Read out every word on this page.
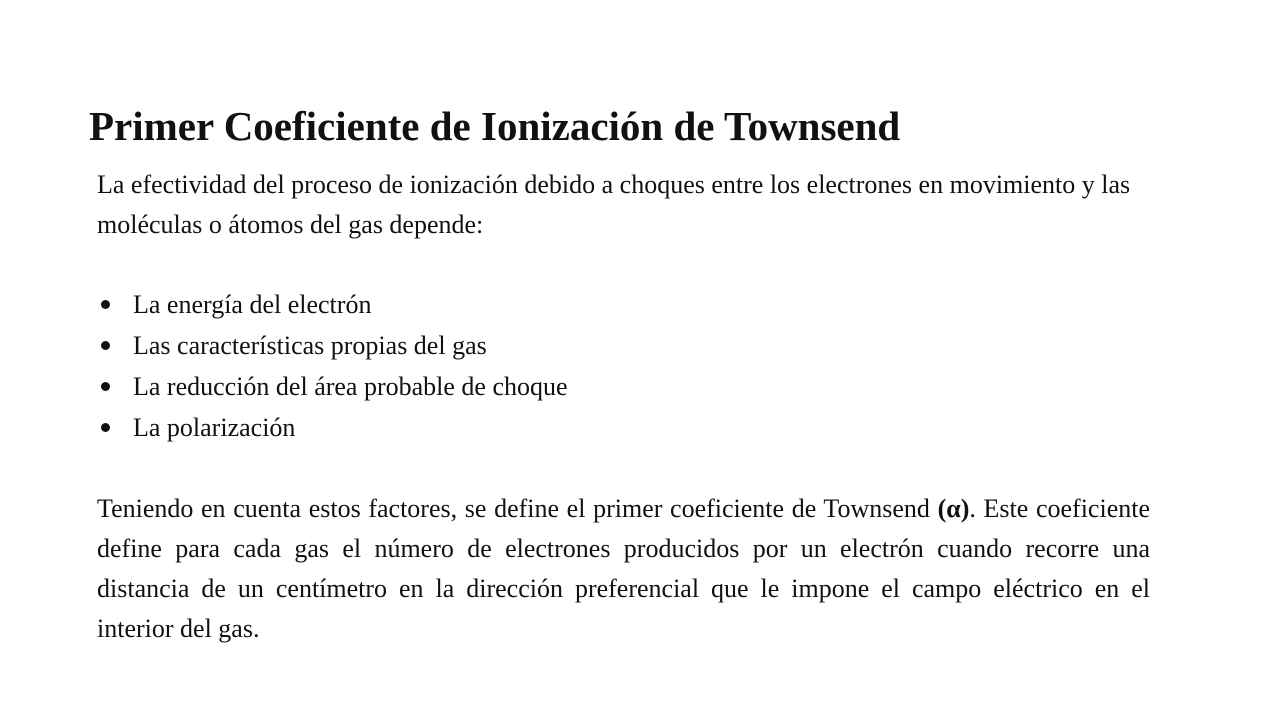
Primer Coeficiente de Ionización de Townsend

La efectividad del proceso de ionización debido a choques entre los electrones en movimiento y las moléculas o átomos del gas depende:

La energía del electrón
Las características propias del gas
La reducción del área probable de choque
La polarización

Teniendo en cuenta estos factores, se define el primer coeficiente de Townsend (α). Este coeficiente define para cada gas el número de electrones producidos por un electrón cuando recorre una distancia de un centímetro en la dirección preferencial que le impone el campo eléctrico en el interior del gas.
